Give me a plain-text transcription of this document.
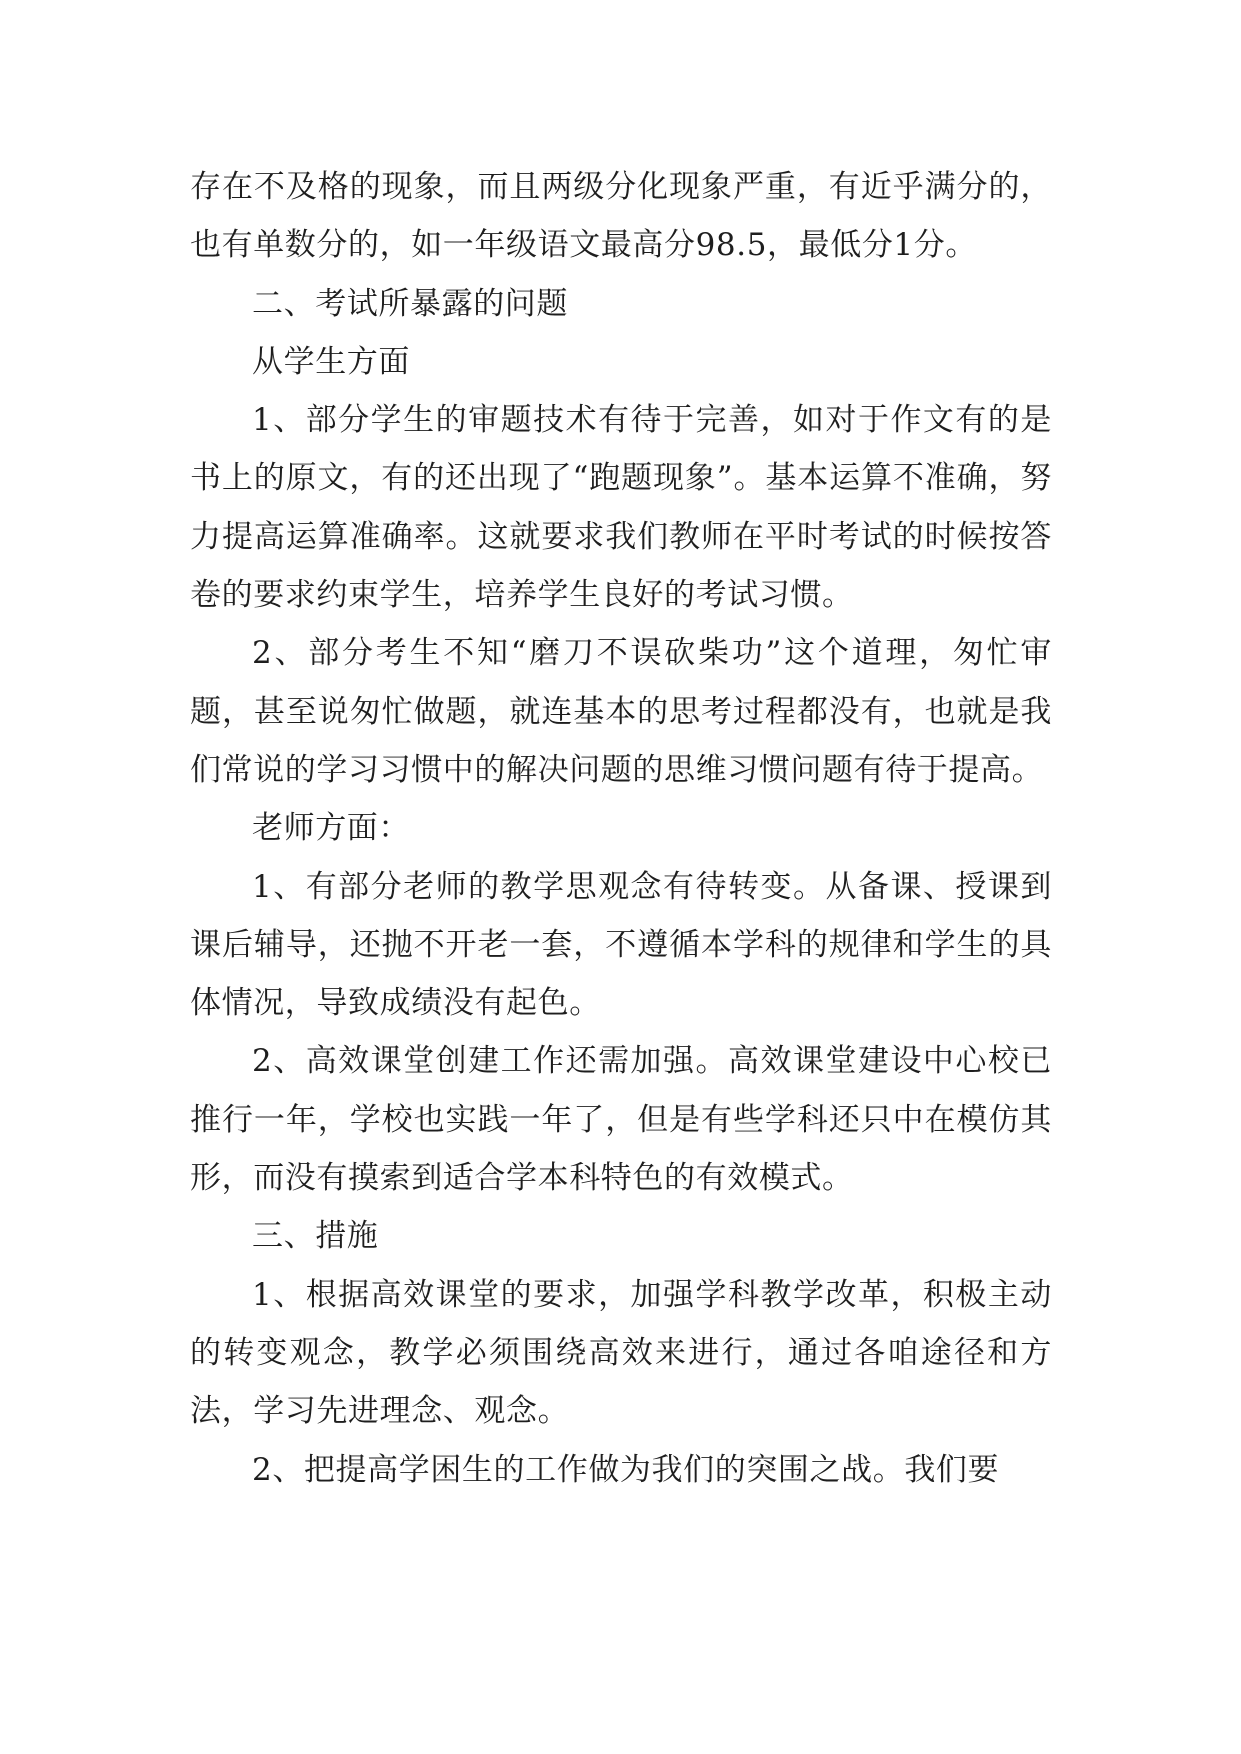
存在不及格的现象，而且两级分化现象严重，有近乎满分的，也有单数分的，如一年级语文最高分98.5，最低分1分。

二、考试所暴露的问题

从学生方面

1、部分学生的审题技术有待于完善，如对于作文有的是书上的原文，有的还出现了“跑题现象”。基本运算不准确，努力提高运算准确率。这就要求我们教师在平时考试的时候按答卷的要求约束学生，培养学生良好的考试习惯。

2、部分考生不知“磨刀不误砍柴功”这个道理，匆忙审题，甚至说匆忙做题，就连基本的思考过程都没有，也就是我们常说的学习习惯中的解决问题的思维习惯问题有待于提高。

老师方面：

1、有部分老师的教学思观念有待转变。从备课、授课到课后辅导，还抛不开老一套，不遵循本学科的规律和学生的具体情况，导致成绩没有起色。

2、高效课堂创建工作还需加强。高效课堂建设中心校已推行一年，学校也实践一年了，但是有些学科还只中在模仿其形，而没有摸索到适合学本科特色的有效模式。

三、措施

1、根据高效课堂的要求，加强学科教学改革，积极主动的转变观念，教学必须围绕高效来进行，通过各咱途径和方法，学习先进理念、观念。

2、把提高学困生的工作做为我们的突围之战。我们要
